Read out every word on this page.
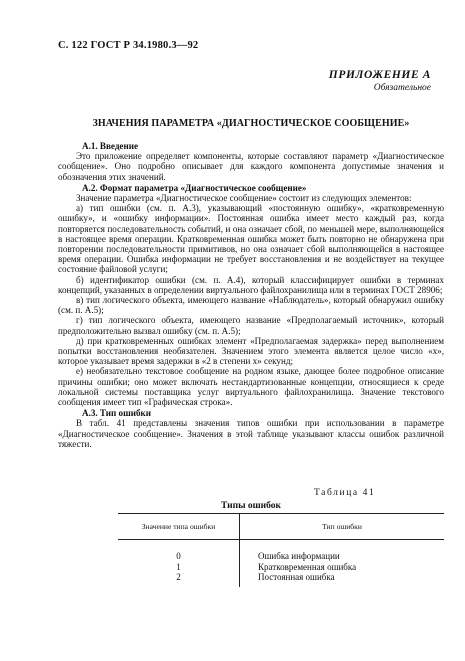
С. 122 ГОСТ Р 34.1980.3—92
ПРИЛОЖЕНИЕ А
Обязательное
ЗНАЧЕНИЯ ПАРАМЕТРА «ДИАГНОСТИЧЕСКОЕ СООБЩЕНИЕ»
А.1. Введение

Это приложение определяет компоненты, которые составляют параметр «Диагностическое сообщение». Оно подробно описывает для каждого компонента допустимые значения и обозначения этих значений.

А.2. Формат параметра «Диагностическое сообщение»

Значение параметра «Диагностическое сообщение» состоит из следующих элементов:

а) тип ошибки (см. п. А.3), указывающий «постоянную ошибку», «кратковременную ошибку», и «ошибку информации». Постоянная ошибка имеет место каждый раз, когда повторяется последовательность событий, и она означает сбой, по меньшей мере, выполняющейся в настоящее время операции. Кратковременная ошибка может быть повторно не обнаружена при повторении последовательности примитивов, но она означает сбой выполняющейся в настоящее время операции. Ошибка информации не требует восстановления и не воздействует на текущее состояние файловой услуги;

б) идентификатор ошибки (см. п. А.4), который классифицирует ошибки в терминах концепций, указанных в определении виртуального файлохранилища или в терминах ГОСТ 28906;

в) тип логического объекта, имеющего название «Наблюдатель», который обнаружил ошибку (см. п. А.5);

г) тип логического объекта, имеющего название «Предполагаемый источник», который предположительно вызвал ошибку (см. п. А.5);

д) при кратковременных ошибках элемент «Предполагаемая задержка» перед выполнением попытки восстановления необязателен. Значением этого элемента является целое число «х», которое указывает время задержки в «2 в степени х» секунд;

е) необязательно текстовое сообщение на родном языке, дающее более подробное описание причины ошибки; оно может включать нестандартизованные концепции, относящиеся к среде локальной системы поставщика услуг виртуального файлохранилища. Значение текстового сообщения имеет тип «Графическая строка».

А.3. Тип ошибки

В табл. 41 представлены значения типов ошибки при использовании в параметре «Диагностическое сообщение». Значения в этой таблице указывают классы ошибок различной тяжести.

Таблица 41
Типы ошибок
Значение типа ошибки	Тип ошибки
0	Ошибка информации
1	Кратковременная ошибка
2	Постоянная ошибка
